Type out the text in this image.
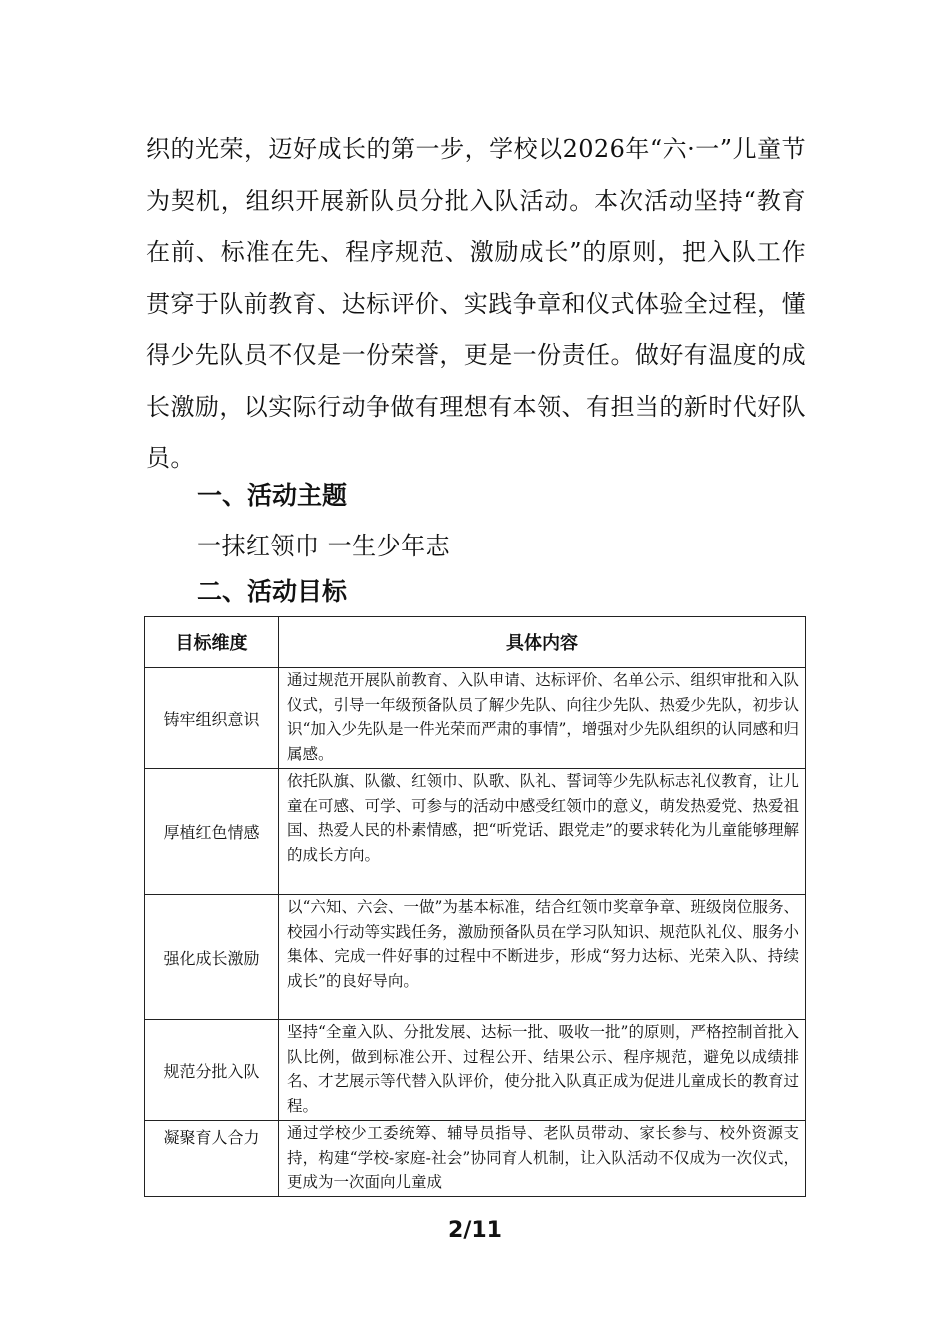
织的光荣，迈好成长的第一步，学校以2026年“六·一”儿童节为契机，组织开展新队员分批入队活动。本次活动坚持“教育在前、标准在先、程序规范、激励成长”的原则，把入队工作贯穿于队前教育、达标评价、实践争章和仪式体验全过程，懂得少先队员不仅是一份荣誉，更是一份责任。做好有温度的成长激励，以实际行动争做有理想有本领、有担当的新时代好队员。

一、活动主题

一抹红领巾 一生少年志

二、活动目标
目标维度	具体内容
铸牢组织意识	通过规范开展队前教育、入队申请、达标评价、名单公示、组织审批和入队仪式，引导一年级预备队员了解少先队、向往少先队、热爱少先队，初步认识“加入少先队是一件光荣而严肃的事情”，增强对少先队组织的认同感和归属感。
厚植红色情感	依托队旗、队徽、红领巾、队歌、队礼、誓词等少先队标志礼仪教育，让儿童在可感、可学、可参与的活动中感受红领巾的意义，萌发热爱党、热爱祖国、热爱人民的朴素情感，把“听党话、跟党走”的要求转化为儿童能够理解的成长方向。
强化成长激励	以“六知、六会、一做”为基本标准，结合红领巾奖章争章、班级岗位服务、校园小行动等实践任务，激励预备队员在学习队知识、规范队礼仪、服务小集体、完成一件好事的过程中不断进步，形成“努力达标、光荣入队、持续成长”的良好导向。
规范分批入队	坚持“全童入队、分批发展、达标一批、吸收一批”的原则，严格控制首批入队比例，做到标准公开、过程公开、结果公示、程序规范，避免以成绩排名、才艺展示等代替入队评价，使分批入队真正成为促进儿童成长的教育过程。
凝聚育人合力	通过学校少工委统筹、辅导员指导、老队员带动、家长参与、校外资源支持，构建“学校-家庭-社会”协同育人机制，让入队活动不仅成为一次仪式，更成为一次面向儿童成
2/11
